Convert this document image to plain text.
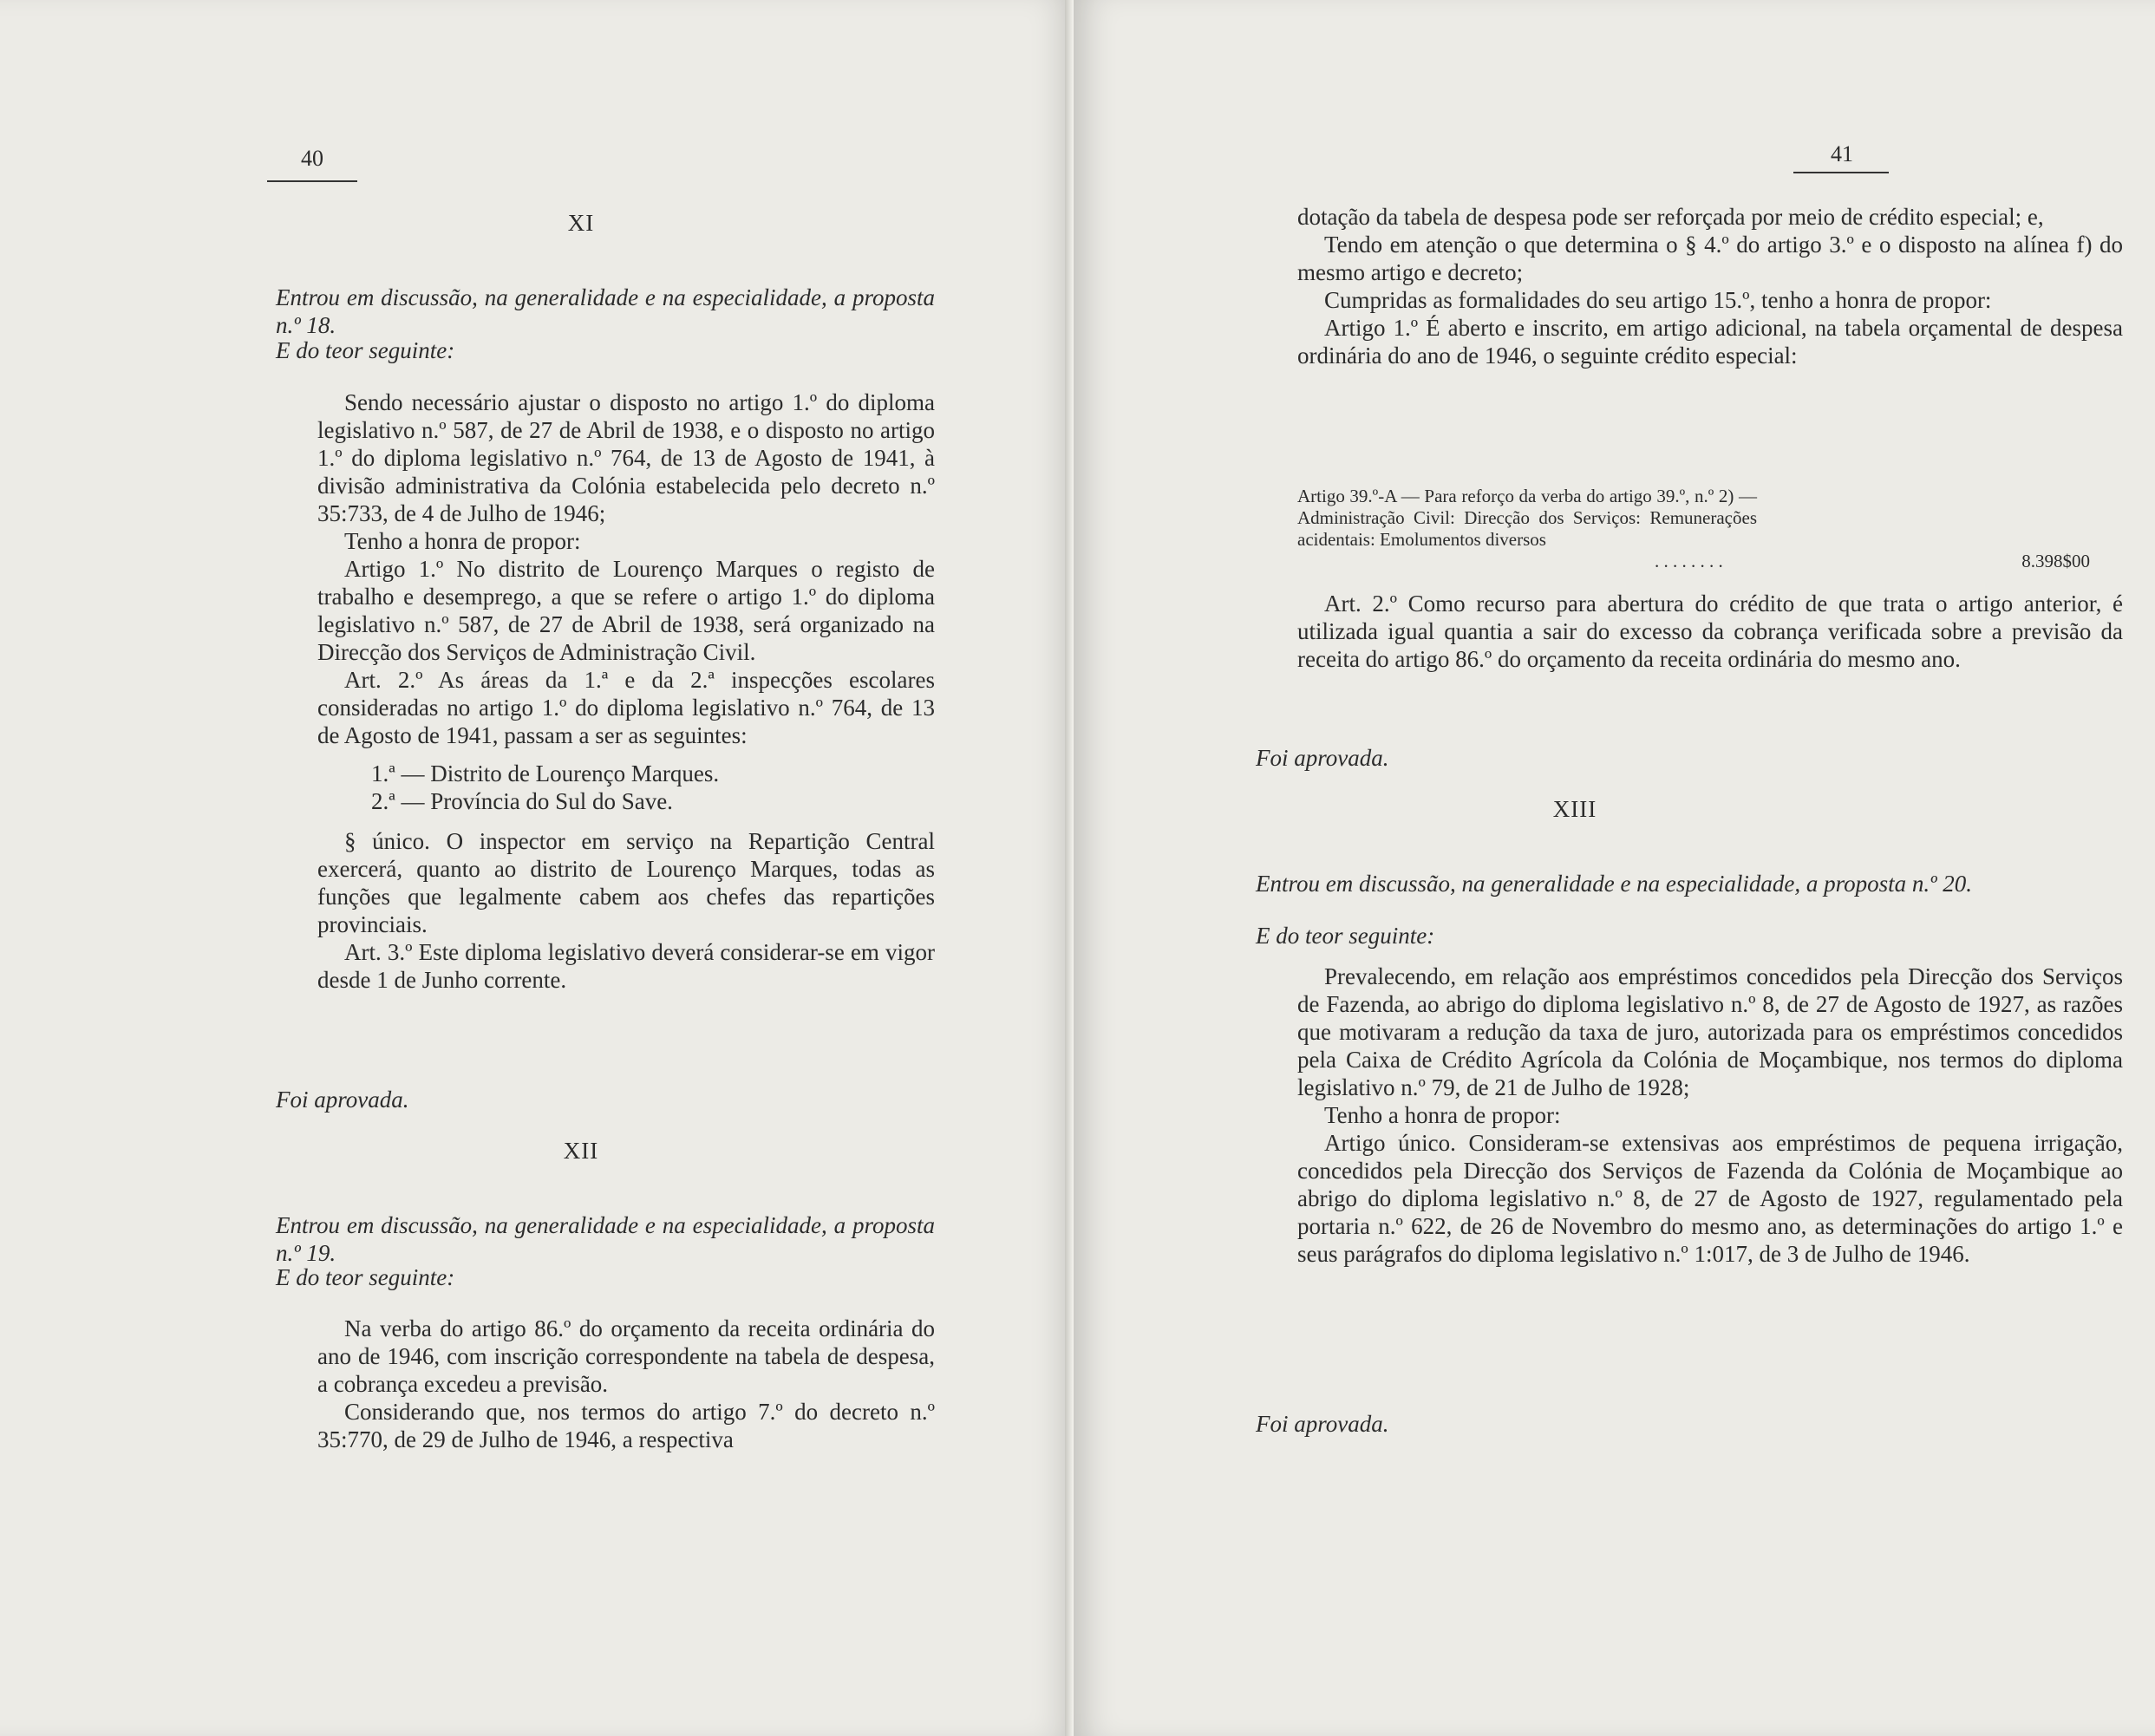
40
XI

Entrou em discussão, na generalidade e na especialidade, a proposta n.º 18.

E do teor seguinte:

Sendo necessário ajustar o disposto no artigo 1.º do diploma legislativo n.º 587, de 27 de Abril de 1938, e o disposto no artigo 1.º do diploma legislativo n.º 764, de 13 de Agosto de 1941, à divisão administrativa da Colónia estabelecida pelo decreto n.º 35:733, de 4 de Julho de 1946;

Tenho a honra de propor:

Artigo 1.º No distrito de Lourenço Marques o registo de trabalho e desemprego, a que se refere o artigo 1.º do diploma legislativo n.º 587, de 27 de Abril de 1938, será organizado na Direcção dos Serviços de Administração Civil.

Art. 2.º As áreas da 1.ª e da 2.ª inspecções escolares consideradas no artigo 1.º do diploma legislativo n.º 764, de 13 de Agosto de 1941, passam a ser as seguintes:

1.ª — Distrito de Lourenço Marques.
2.ª — Província do Sul do Save.

§ único. O inspector em serviço na Repartição Central exercerá, quanto ao distrito de Lourenço Marques, todas as funções que legalmente cabem aos chefes das repartições provinciais.

Art. 3.º Este diploma legislativo deverá considerar-se em vigor desde 1 de Junho corrente.

Foi aprovada.
XII

Entrou em discussão, na generalidade e na especialidade, a proposta n.º 19.

E do teor seguinte:

Na verba do artigo 86.º do orçamento da receita ordinária do ano de 1946, com inscrição correspondente na tabela de despesa, a cobrança excedeu a previsão.

Considerando que, nos termos do artigo 7.º do decreto n.º 35:770, de 29 de Julho de 1946, a respectiva

41

dotação da tabela de despesa pode ser reforçada por meio de crédito especial; e,

Tendo em atenção o que determina o § 4.º do artigo 3.º e o disposto na alínea f) do mesmo artigo e decreto;

Cumpridas as formalidades do seu artigo 15.º, tenho a honra de propor:

Artigo 1.º É aberto e inscrito, em artigo adicional, na tabela orçamental de despesa ordinária do ano de 1946, o seguinte crédito especial:

Artigo 39.º-A — Para reforço da verba do artigo 39.º, n.º 2) — Administração Civil: Direcção dos Serviços: Remunerações acidentais: Emolumentos diversos
. . . . . . . .	8.398$00

Art. 2.º Como recurso para abertura do crédito de que trata o artigo anterior, é utilizada igual quantia a sair do excesso da cobrança verificada sobre a previsão da receita do artigo 86.º do orçamento da receita ordinária do mesmo ano.

Foi aprovada.
XIII

Entrou em discussão, na generalidade e na especialidade, a proposta n.º 20.

E do teor seguinte:

Prevalecendo, em relação aos empréstimos concedidos pela Direcção dos Serviços de Fazenda, ao abrigo do diploma legislativo n.º 8, de 27 de Agosto de 1927, as razões que motivaram a redução da taxa de juro, autorizada para os empréstimos concedidos pela Caixa de Crédito Agrícola da Colónia de Moçambique, nos termos do diploma legislativo n.º 79, de 21 de Julho de 1928;

Tenho a honra de propor:

Artigo único. Consideram-se extensivas aos empréstimos de pequena irrigação, concedidos pela Direcção dos Serviços de Fazenda da Colónia de Moçambique ao abrigo do diploma legislativo n.º 8, de 27 de Agosto de 1927, regulamentado pela portaria n.º 622, de 26 de Novembro do mesmo ano, as determinações do artigo 1.º e seus parágrafos do diploma legislativo n.º 1:017, de 3 de Julho de 1946.

Foi aprovada.
